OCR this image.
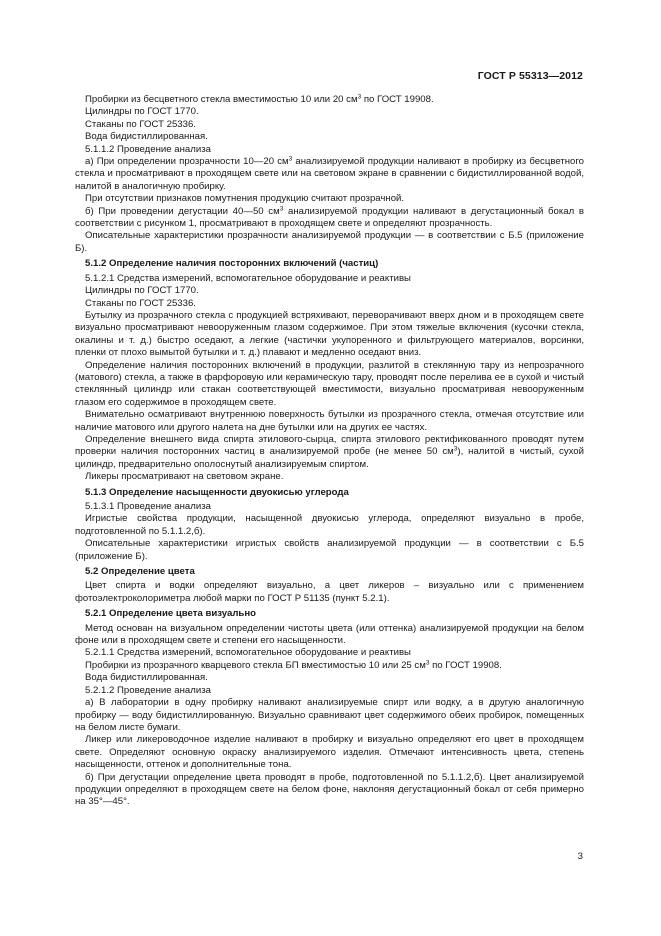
ГОСТ Р 55313—2012

Пробирки из бесцветного стекла вместимостью 10 или 20 $см^3$ по ГОСТ 19908.

Цилиндры по ГОСТ 1770.

Стаканы по ГОСТ 25336.

Вода бидистиллированная.

5.1.1.2 Проведение анализа

а) При определении прозрачности 10—20 $см^3$ анализируемой продукции наливают в пробирку из бесцветного стекла и просматривают в проходящем свете или на световом экране в сравнении с бидистиллированной водой, налитой в аналогичную пробирку.

При отсутствии признаков помутнения продукцию считают прозрачной.

б) При проведении дегустации 40—50 $см^3$ анализируемой продукции наливают в дегустационный бокал в соответствии с рисунком 1, просматривают в проходящем свете и определяют прозрачность.

Описательные характеристики прозрачности анализируемой продукции — в соответствии с Б.5 (приложение Б).

5.1.2 Определение наличия посторонних включений (частиц)

5.1.2.1 Средства измерений, вспомогательное оборудование и реактивы

Цилиндры по ГОСТ 1770.

Стаканы по ГОСТ 25336.

Бутылку из прозрачного стекла с продукцией встряхивают, переворачивают вверх дном и в проходящем свете визуально просматривают невооруженным глазом содержимое. При этом тяжелые включения (кусочки стекла, окалины и т. д.) быстро оседают, а легкие (частички укупоренного и фильтрующего материалов, ворсинки, пленки от плохо вымытой бутылки и т. д.) плавают и медленно оседают вниз.

Определение наличия посторонних включений в продукции, разлитой в стеклянную тару из непрозрачного (матового) стекла, а также в фарфоровую или керамическую тару, проводят после перелива ее в сухой и чистый стеклянный цилиндр или стакан соответствующей вместимости, визуально просматривая невооруженным глазом его содержимое в проходящем свете.

Внимательно осматривают внутреннюю поверхность бутылки из прозрачного стекла, отмечая отсутствие или наличие матового или другого налета на дне бутылки или на других ее частях.

Определение внешнего вида спирта этилового-сырца, спирта этилового ректификованного проводят путем проверки наличия посторонних частиц в анализируемой пробе (не менее 50 $см^3$), налитой в чистый, сухой цилиндр, предварительно ополоснутый анализируемым спиртом.

Ликеры просматривают на световом экране.

5.1.3 Определение насыщенности двуокисью углерода

5.1.3.1 Проведение анализа

Игристые свойства продукции, насыщенной двуокисью углерода, определяют визуально в пробе, подготовленной по 5.1.1.2,б).

Описательные характеристики игристых свойств анализируемой продукции — в соответствии с Б.5 (приложение Б).

5.2 Определение цвета

Цвет спирта и водки определяют визуально, а цвет ликеров – визуально или с применением фотоэлектроколориметра любой марки по ГОСТ Р 51135 (пункт 5.2.1).

5.2.1 Определение цвета визуально

Метод основан на визуальном определении чистоты цвета (или оттенка) анализируемой продукции на белом фоне или в проходящем свете и степени его насыщенности.

5.2.1.1 Средства измерений, вспомогательное оборудование и реактивы

Пробирки из прозрачного кварцевого стекла БП вместимостью 10 или 25 $см^3$ по ГОСТ 19908.

Вода бидистиллированная.

5.2.1.2 Проведение анализа

а) В лаборатории в одну пробирку наливают анализируемые спирт или водку, а в другую аналогичную пробирку — воду бидистиллированную. Визуально сравнивают цвет содержимого обеих пробирок, помещенных на белом листе бумаги.

Ликер или ликероводочное изделие наливают в пробирку и визуально определяют его цвет в проходящем свете. Определяют основную окраску анализируемого изделия. Отмечают интенсивность цвета, степень насыщенности, оттенок и дополнительные тона.

б) При дегустации определение цвета проводят в пробе, подготовленной по 5.1.1.2,б). Цвет анализируемой продукции определяют в проходящем свете на белом фоне, наклоняя дегустационный бокал от себя примерно на 35°—45°.

3
